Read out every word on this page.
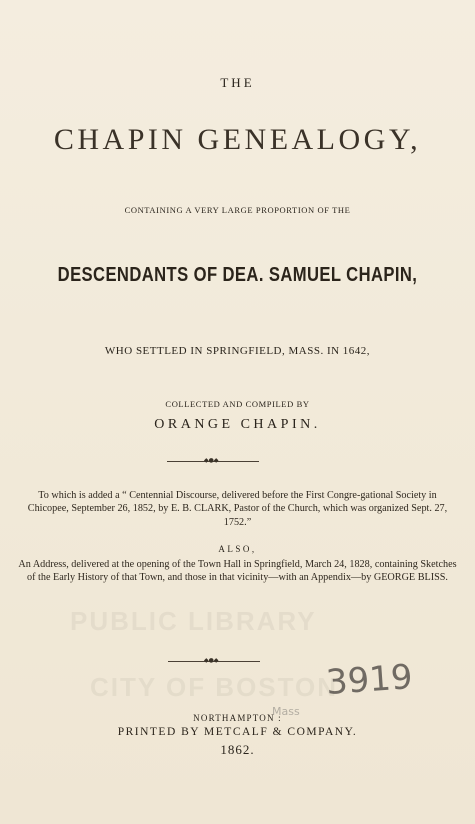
THE
CHAPIN GENEALOGY,
CONTAINING A VERY LARGE PROPORTION OF THE
DESCENDANTS OF DEA. SAMUEL CHAPIN,
WHO SETTLED IN SPRINGFIELD, MASS. IN 1642,
COLLECTED AND COMPILED BY
ORANGE CHAPIN.
◆●◆
To which is added a “ Centennial Discourse, delivered before the First Congre-gational Society in Chicopee, September 26, 1852, by E. B. CLARK, Pastor of the Church, which was organized Sept. 27, 1752.”
ALSO,
An Address, delivered at the opening of the Town Hall in Springfield, March 24, 1828, containing Sketches of the Early History of that Town, and those in that vicinity—with an Appendix—by GEORGE BLISS.
PUBLIC LIBRARY
CITY OF BOSTON
◆●◆	3919
Mass
NORTHAMPTON :
PRINTED BY METCALF & COMPANY.
1862.
